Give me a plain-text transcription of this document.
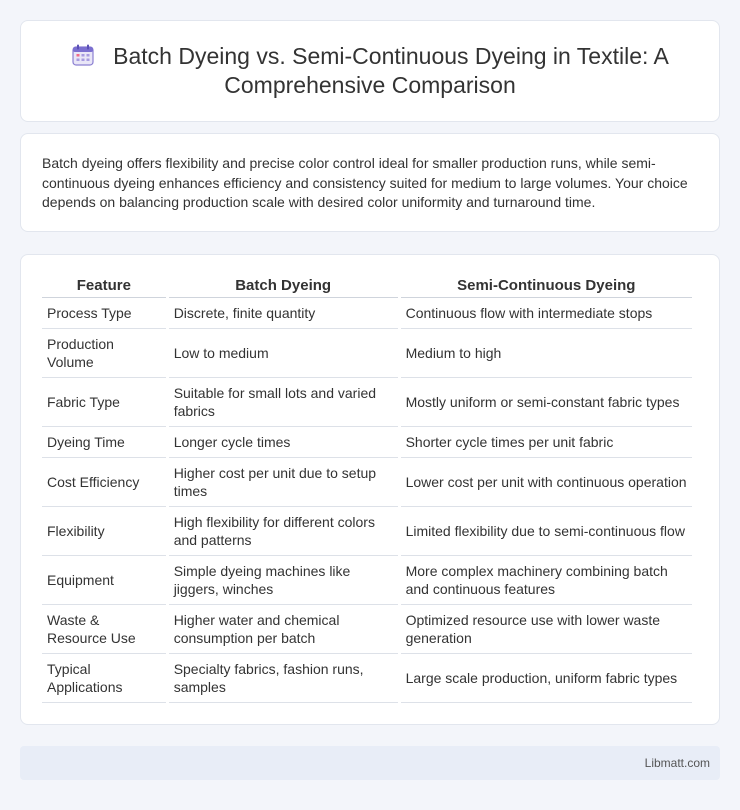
Batch Dyeing vs. Semi-Continuous Dyeing in Textile: A Comprehensive Comparison

Batch dyeing offers flexibility and precise color control ideal for smaller production runs, while semi-continuous dyeing enhances efficiency and consistency suited for medium to large volumes. Your choice depends on balancing production scale with desired color uniformity and turnaround time.

Feature	Batch Dyeing	Semi-Continuous Dyeing
Process Type	Discrete, finite quantity	Continuous flow with intermediate stops
Production Volume	Low to medium	Medium to high
Fabric Type	Suitable for small lots and varied fabrics	Mostly uniform or semi-constant fabric types
Dyeing Time	Longer cycle times	Shorter cycle times per unit fabric
Cost Efficiency	Higher cost per unit due to setup times	Lower cost per unit with continuous operation
Flexibility	High flexibility for different colors and patterns	Limited flexibility due to semi-continuous flow
Equipment	Simple dyeing machines like jiggers, winches	More complex machinery combining batch and continuous features
Waste & Resource Use	Higher water and chemical consumption per batch	Optimized resource use with lower waste generation
Typical Applications	Specialty fabrics, fashion runs, samples	Large scale production, uniform fabric types
Libmatt.com
